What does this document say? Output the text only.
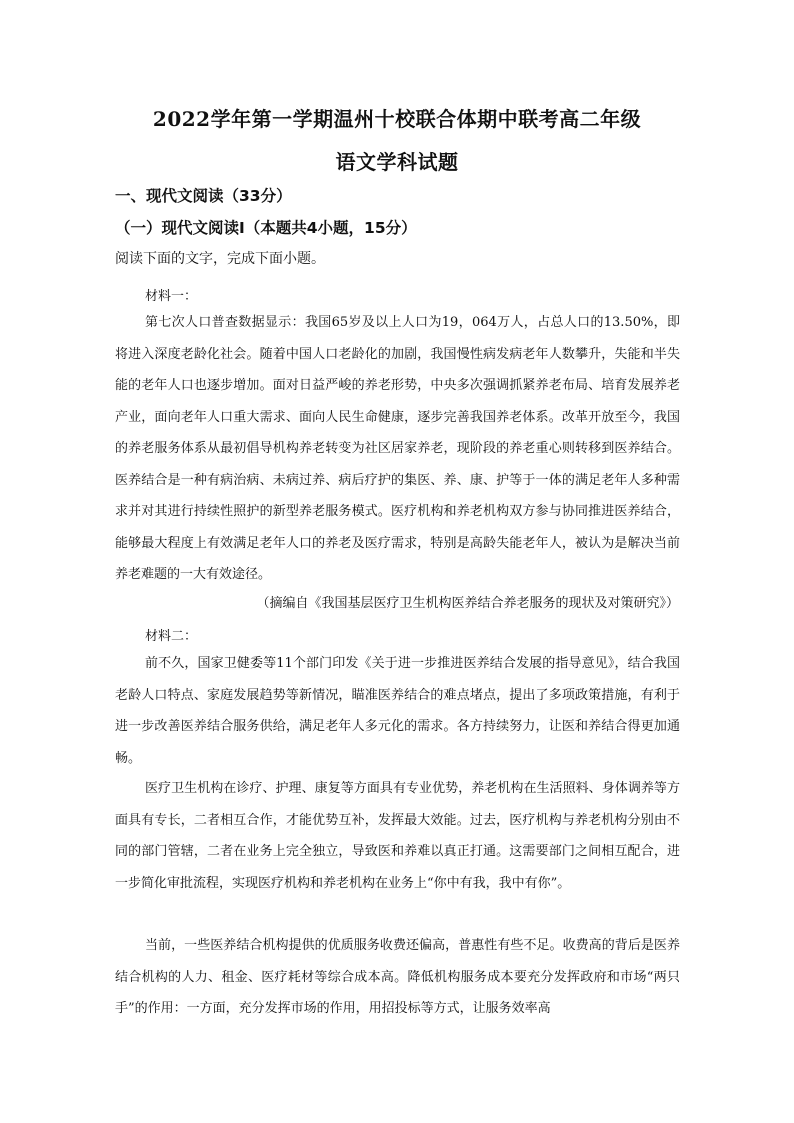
2022学年第一学期温州十校联合体期中联考高二年级
语文学科试题
一、现代文阅读（33分）
（一）现代文阅读Ⅰ（本题共4小题，15分）
阅读下面的文字，完成下面小题。
材料一：

第七次人口普查数据显示：我国65岁及以上人口为19，064万人，占总人口的13.50%，即将进入深度老龄化社会。随着中国人口老龄化的加剧，我国慢性病发病老年人数攀升，失能和半失能的老年人口也逐步增加。面对日益严峻的养老形势，中央多次强调抓紧养老布局、培育发展养老产业，面向老年人口重大需求、面向人民生命健康，逐步完善我国养老体系。改革开放至今，我国的养老服务体系从最初倡导机构养老转变为社区居家养老，现阶段的养老重心则转移到医养结合。医养结合是一种有病治病、未病过养、病后疗护的集医、养、康、护等于一体的满足老年人多种需求并对其进行持续性照护的新型养老服务模式。医疗机构和养老机构双方参与协同推进医养结合，能够最大程度上有效满足老年人口的养老及医疗需求，特别是高龄失能老年人，被认为是解决当前养老难题的一大有效途径。

（摘编自《我国基层医疗卫生机构医养结合养老服务的现状及对策研究》）
材料二：

前不久，国家卫健委等11个部门印发《关于进一步推进医养结合发展的指导意见》，结合我国老龄人口特点、家庭发展趋势等新情况，瞄准医养结合的难点堵点，提出了多项政策措施，有利于进一步改善医养结合服务供给，满足老年人多元化的需求。各方持续努力，让医和养结合得更加通畅。

医疗卫生机构在诊疗、护理、康复等方面具有专业优势，养老机构在生活照料、身体调养等方面具有专长，二者相互合作，才能优势互补，发挥最大效能。过去，医疗机构与养老机构分别由不同的部门管辖，二者在业务上完全独立，导致医和养难以真正打通。这需要部门之间相互配合，进一步简化审批流程，实现医疗机构和养老机构在业务上“你中有我，我中有你”。

当前，一些医养结合机构提供的优质服务收费还偏高，普惠性有些不足。收费高的背后是医养结合机构的人力、租金、医疗耗材等综合成本高。降低机构服务成本要充分发挥政府和市场“两只手”的作用：一方面，充分发挥市场的作用，用招投标等方式，让服务效率高
